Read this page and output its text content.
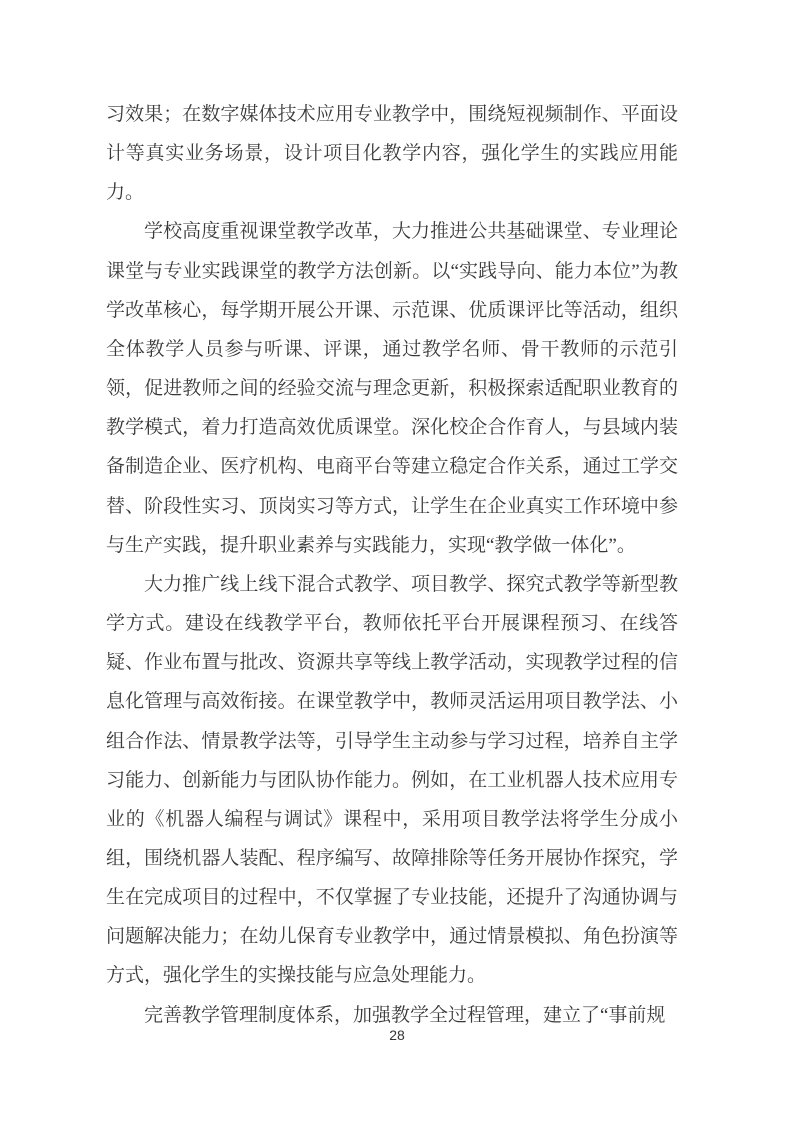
习效果；在数字媒体技术应用专业教学中，围绕短视频制作、平面设计等真实业务场景，设计项目化教学内容，强化学生的实践应用能力。

学校高度重视课堂教学改革，大力推进公共基础课堂、专业理论课堂与专业实践课堂的教学方法创新。以“实践导向、能力本位”为教学改革核心，每学期开展公开课、示范课、优质课评比等活动，组织全体教学人员参与听课、评课，通过教学名师、骨干教师的示范引领，促进教师之间的经验交流与理念更新，积极探索适配职业教育的教学模式，着力打造高效优质课堂。深化校企合作育人，与县域内装备制造企业、医疗机构、电商平台等建立稳定合作关系，通过工学交替、阶段性实习、顶岗实习等方式，让学生在企业真实工作环境中参与生产实践，提升职业素养与实践能力，实现“教学做一体化”。

大力推广线上线下混合式教学、项目教学、探究式教学等新型教学方式。建设在线教学平台，教师依托平台开展课程预习、在线答疑、作业布置与批改、资源共享等线上教学活动，实现教学过程的信息化管理与高效衔接。在课堂教学中，教师灵活运用项目教学法、小组合作法、情景教学法等，引导学生主动参与学习过程，培养自主学习能力、创新能力与团队协作能力。例如，在工业机器人技术应用专业的《机器人编程与调试》课程中，采用项目教学法将学生分成小组，围绕机器人装配、程序编写、故障排除等任务开展协作探究，学生在完成项目的过程中，不仅掌握了专业技能，还提升了沟通协调与问题解决能力；在幼儿保育专业教学中，通过情景模拟、角色扮演等方式，强化学生的实操技能与应急处理能力。

完善教学管理制度体系，加强教学全过程管理，建立了“事前规

28
